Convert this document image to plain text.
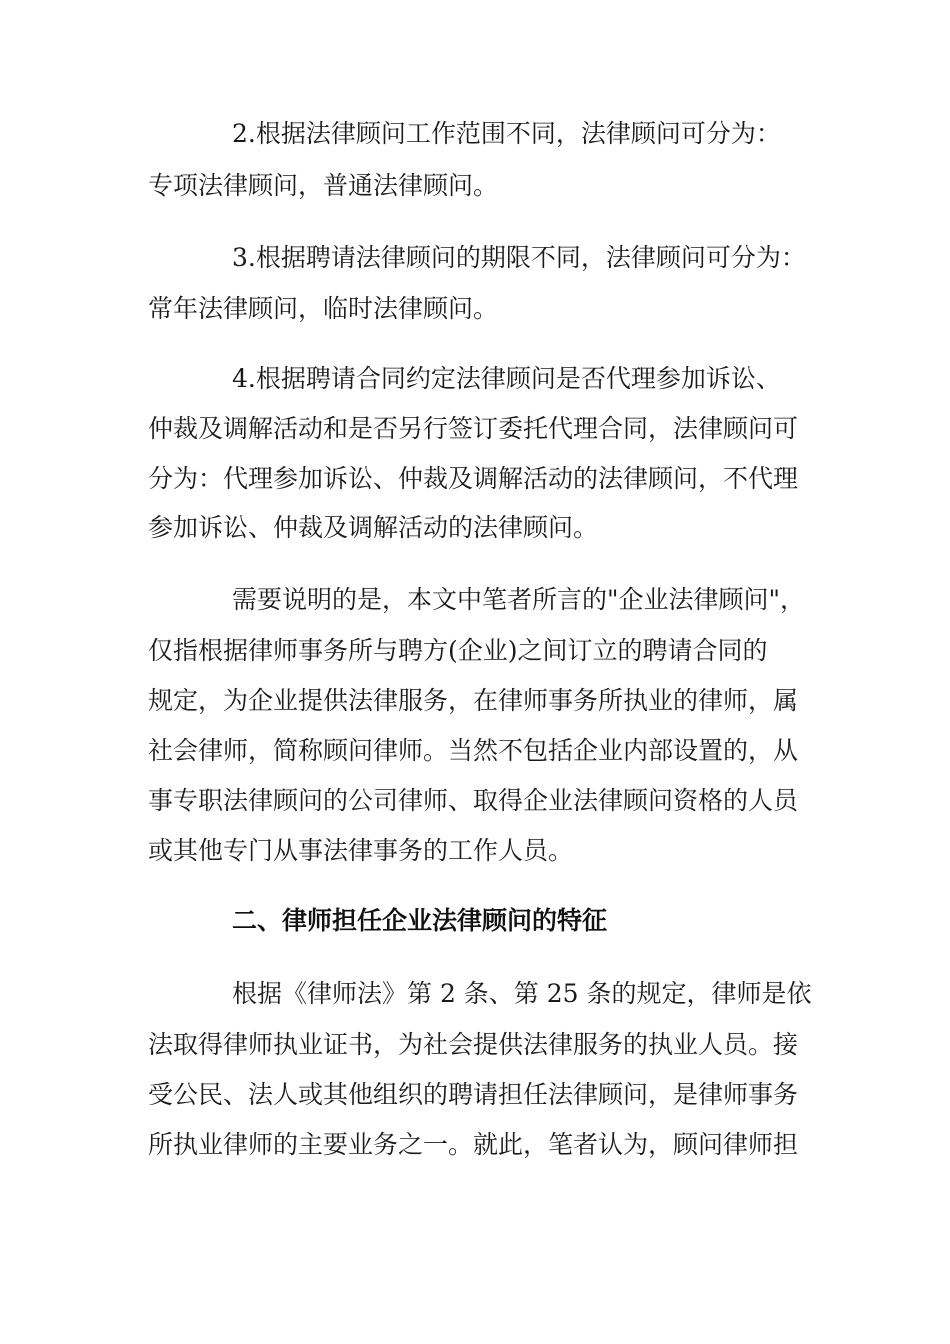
2.根据法律顾问工作范围不同，法律顾问可分为：
专项法律顾问，普通法律顾问。
3.根据聘请法律顾问的期限不同，法律顾问可分为：
常年法律顾问，临时法律顾问。
4.根据聘请合同约定法律顾问是否代理参加诉讼、
仲裁及调解活动和是否另行签订委托代理合同，法律顾问可
分为：代理参加诉讼、仲裁及调解活动的法律顾问，不代理
参加诉讼、仲裁及调解活动的法律顾问。
需要说明的是，本文中笔者所言的"企业法律顾问"，
仅指根据律师事务所与聘方(企业)之间订立的聘请合同的
规定，为企业提供法律服务，在律师事务所执业的律师，属
社会律师，简称顾问律师。当然不包括企业内部设置的，从
事专职法律顾问的公司律师、取得企业法律顾问资格的人员
或其他专门从事法律事务的工作人员。
二、律师担任企业法律顾问的特征
根据《律师法》第 2 条、第 25 条的规定，律师是依
法取得律师执业证书，为社会提供法律服务的执业人员。接
受公民、法人或其他组织的聘请担任法律顾问，是律师事务
所执业律师的主要业务之一。就此，笔者认为，顾问律师担
